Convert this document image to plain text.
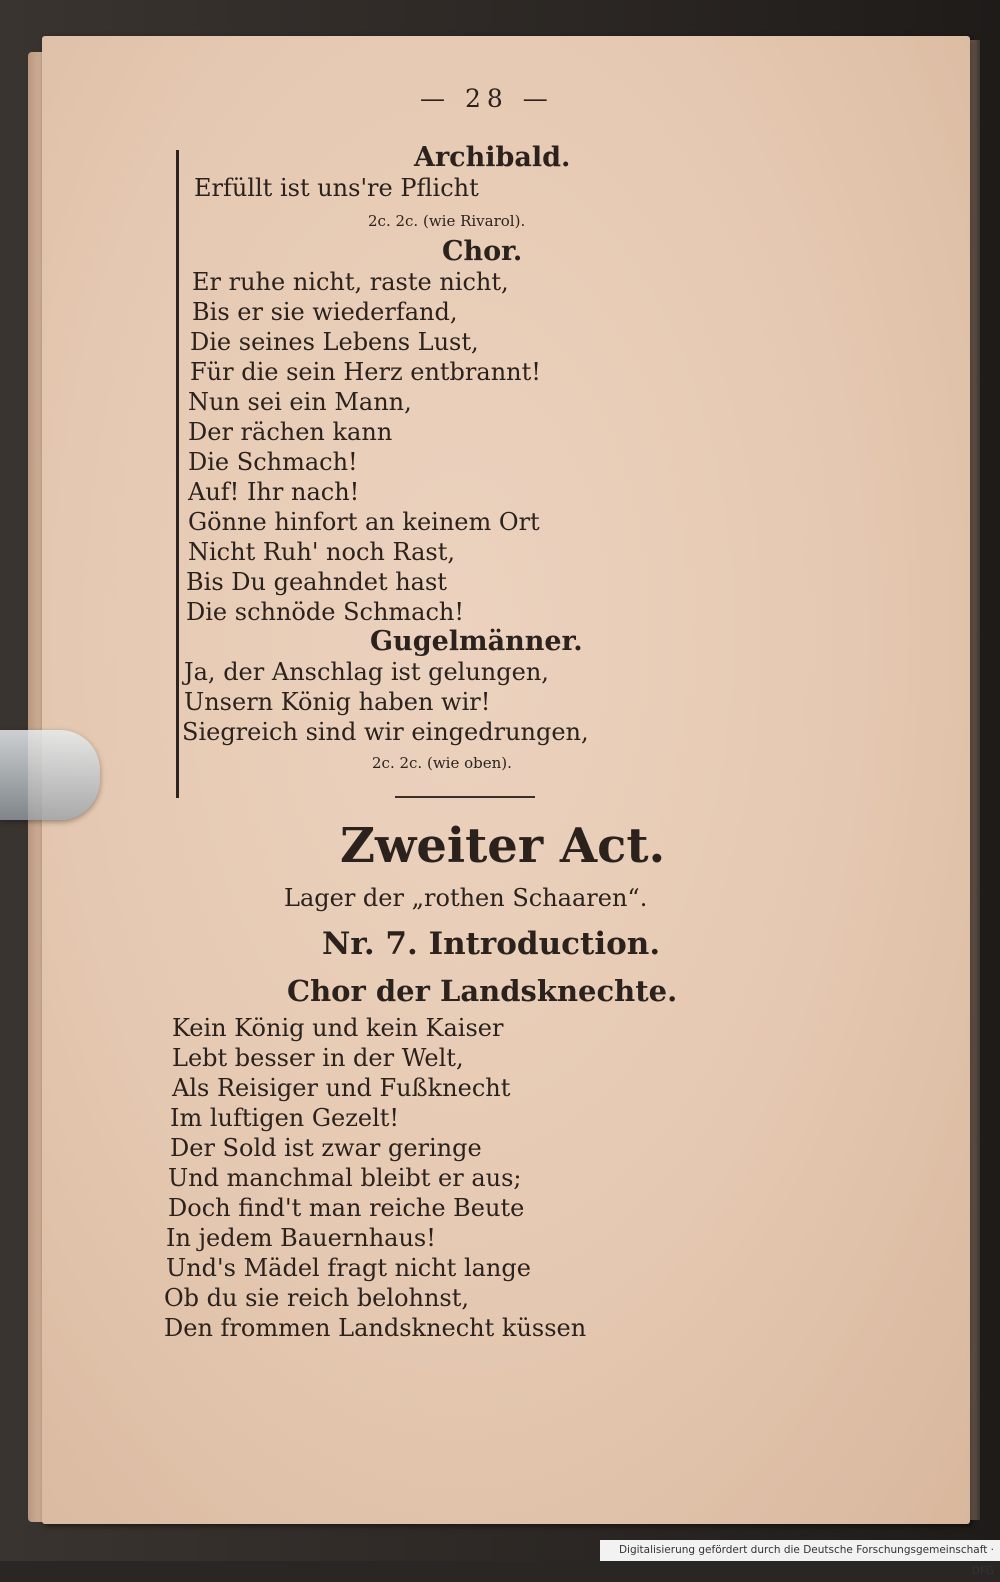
— 28 —
Archibald.
Erfüllt ist uns're Pflicht
2c. 2c. (wie Rivarol).
Chor.
Er ruhe nicht, raste nicht,
Bis er sie wiederfand,
Die seines Lebens Lust,
Für die sein Herz entbrannt!
Nun sei ein Mann,
Der rächen kann
Die Schmach!
Auf! Ihr nach!
Gönne hinfort an keinem Ort
Nicht Ruh' noch Rast,
Bis Du geahndet hast
Die schnöde Schmach!
Gugelmänner.
Ja, der Anschlag ist gelungen,
Unsern König haben wir!
Siegreich sind wir eingedrungen,
2c. 2c. (wie oben).
Zweiter Act.
Lager der „rothen Schaaren“.
Nr. 7. Introduction.
Chor der Landsknechte.
Kein König und kein Kaiser
Lebt besser in der Welt,
Als Reisiger und Fußknecht
Im luftigen Gezelt!
Der Sold ist zwar geringe
Und manchmal bleibt er aus;
Doch find't man reiche Beute
In jedem Bauernhaus!
Und's Mädel fragt nicht lange
Ob du sie reich belohnst,
Den frommen Landsknecht küssen
Digitalisierung gefördert durch die Deutsche Forschungsgemeinschaft · DFG
